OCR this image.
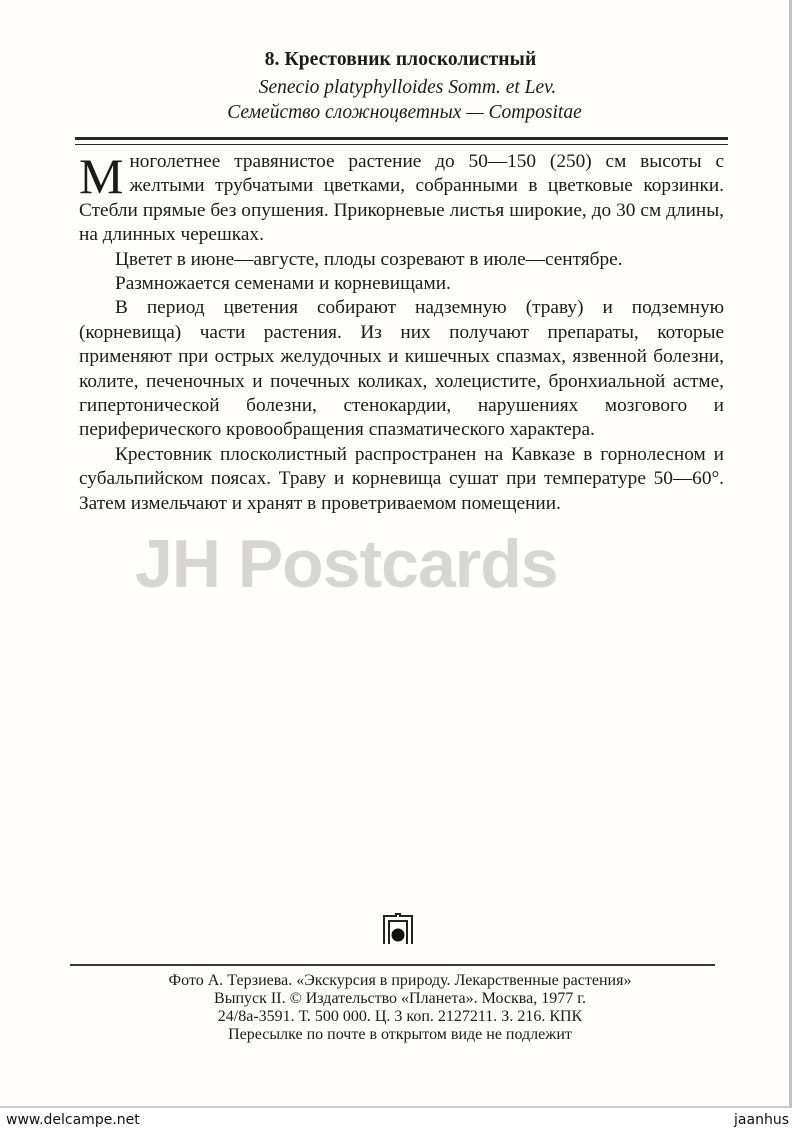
8. Крестовник плосколистный
Senecio platyphylloides Somm. et Lev.
Семейство сложноцветных — Compositae

Многолетнее травянистое растение до 50—150 (250) см высоты с желтыми трубчатыми цветками, собранными в цветковые корзинки. Стебли прямые без опушения. Прикорневые листья широкие, до 30 см длины, на длинных черешках.

Цветет в июне—августе, плоды созревают в июле—сентябре.

Размножается семенами и корневищами.

В период цветения собирают надземную (траву) и подземную (корневища) части растения. Из них получают препараты, которые применяют при острых желудочных и кишечных спазмах, язвенной болезни, колите, печеночных и почечных коликах, холецистите, бронхиальной астме, гипертонической болезни, стенокардии, нарушениях мозгового и периферического кровообращения спазматического характера.

Крестовник плосколистный распространен на Кавказе в горнолесном и субальпийском поясах. Траву и корневища сушат при температуре 50—60°. Затем измельчают и хранят в проветриваемом помещении.

JH Postcards
Фото А. Терзиева. «Экскурсия в природу. Лекарственные растения»
Выпуск II. © Издательство «Планета». Москва, 1977 г.
24/8а-3591. Т. 500 000. Ц. 3 коп. 2127211. З. 216. КПК
Пересылке по почте в открытом виде не подлежит
www.delcampe.net	jaanhus
